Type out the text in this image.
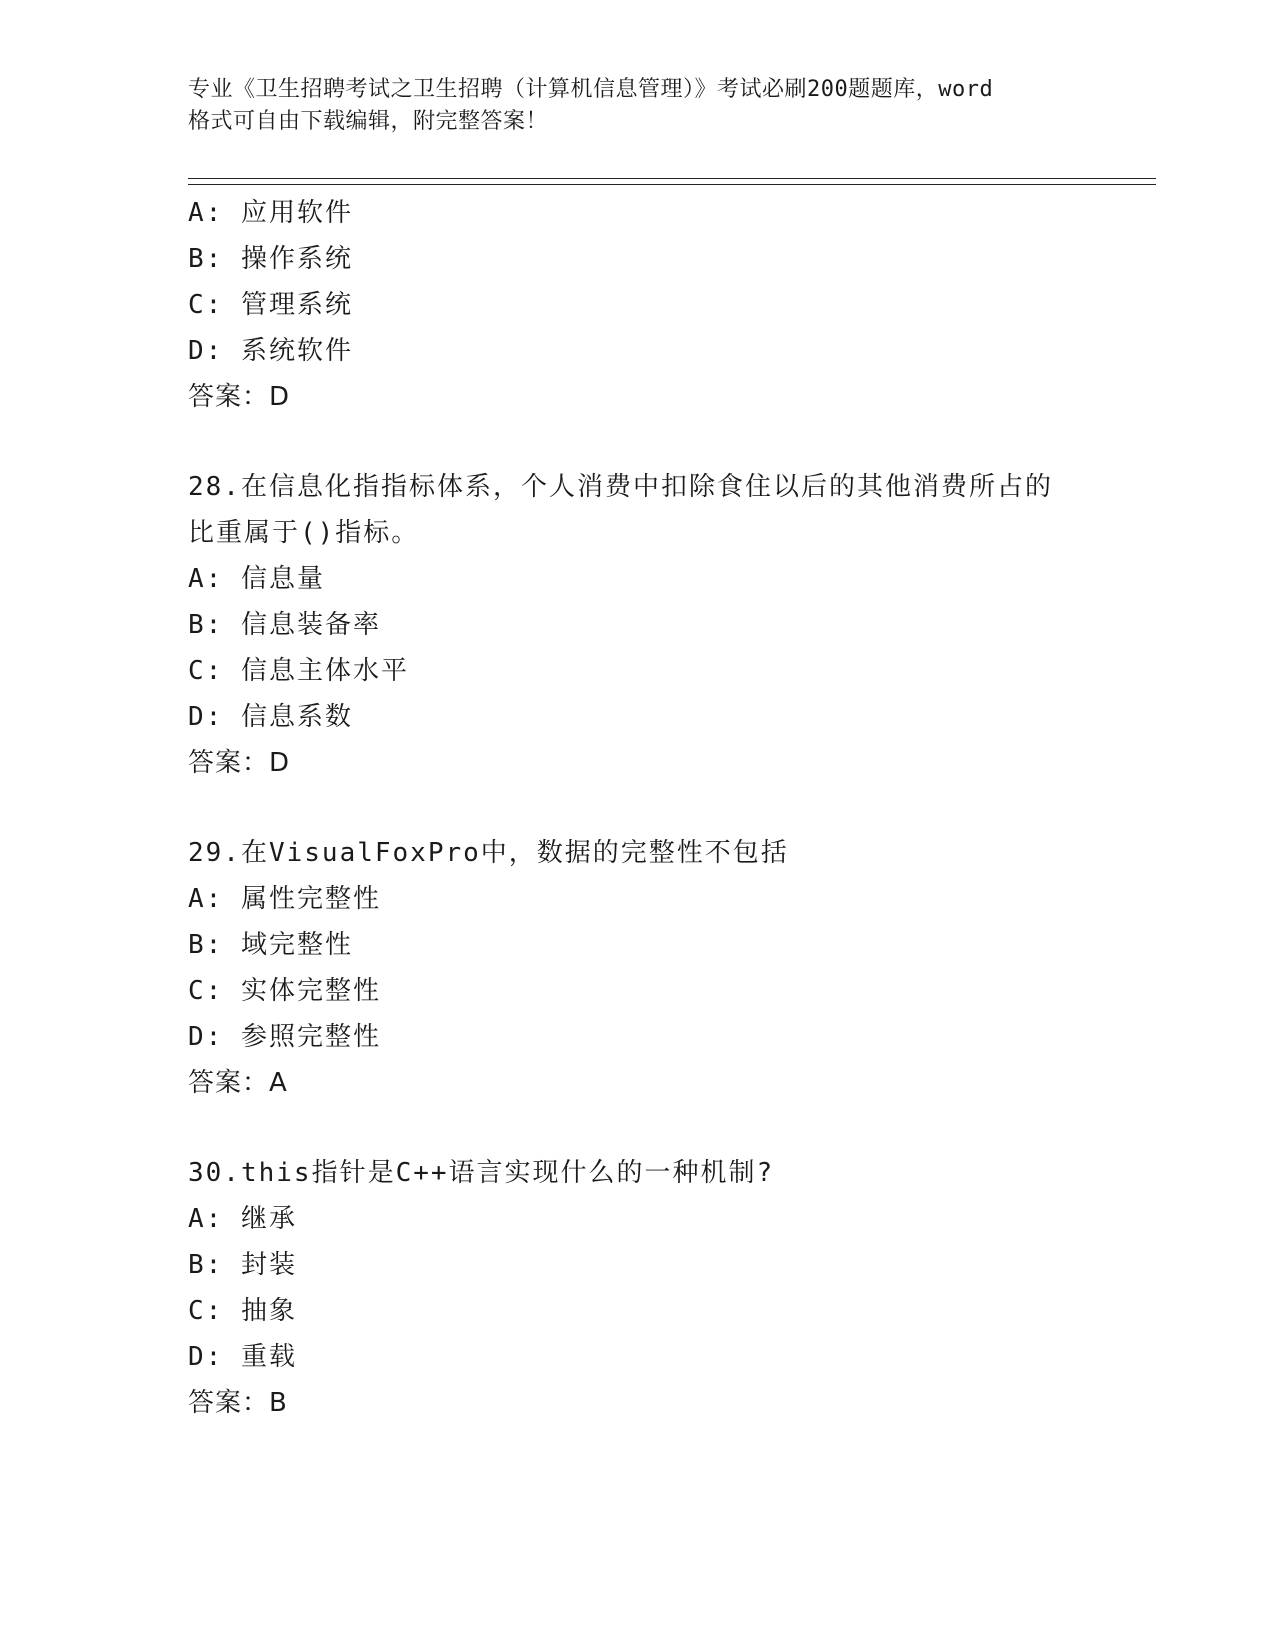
专业《卫生招聘考试之卫生招聘（计算机信息管理）》考试必刷200题题库，word
格式可自由下载编辑，附完整答案！
A: 应用软件
B: 操作系统
C: 管理系统
D: 系统软件
答案：D
28.在信息化指指标体系，个人消费中扣除食住以后的其他消费所占的
比重属于()指标。
A: 信息量
B: 信息装备率
C: 信息主体水平
D: 信息系数
答案：D
29.在VisualFoxPro中，数据的完整性不包括
A: 属性完整性
B: 域完整性
C: 实体完整性
D: 参照完整性
答案：A
30.this指针是C++语言实现什么的一种机制?
A: 继承
B: 封装
C: 抽象
D: 重载
答案：B
